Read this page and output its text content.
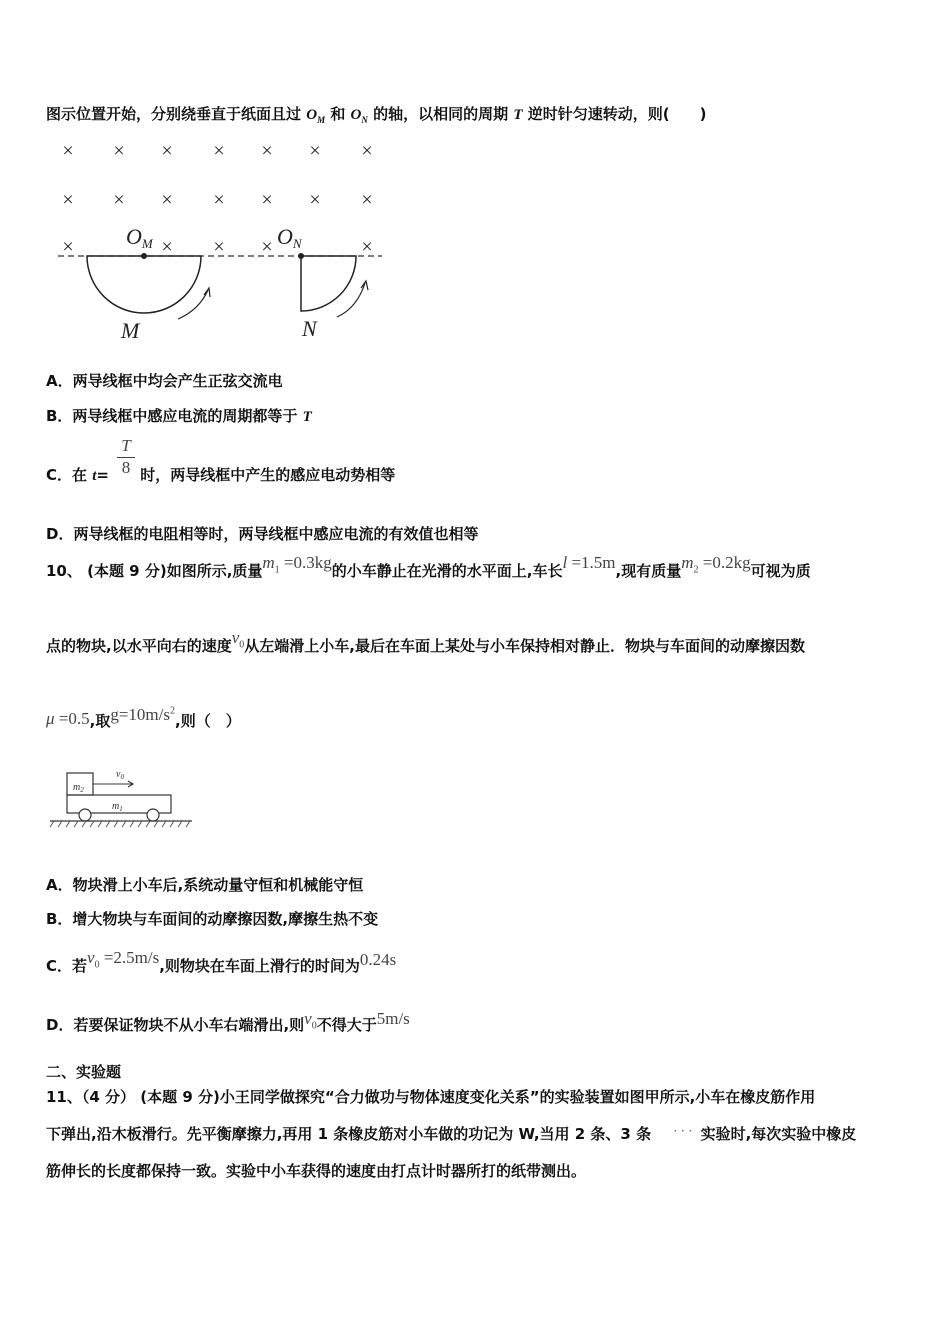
图示位置开始，分别绕垂直于纸面且过 $O_M$ 和 $O_N$ 的轴，以相同的周期 T 逆时针匀速转动，则(　　)
× × × × × × ×
× × × × × × ×
×	× × ×	×
OM	ON
M	N
A．两导线框中均会产生正弦交流电
B．两导线框中感应电流的周期都等于 T
C．在 t= 时，两导线框中产生的感应电动势相等
$\frac{T}{8}$
D．两导线框的电阻相等时，两导线框中感应电流的有效值也相等
10、 (本题 9 分)如图所示,质量$m_1 =0.3kg$的小车静止在光滑的水平面上,车长l =1.5m,现有质量$m_2 =0.2kg$可视为质
点的物块,以水平向右的速度$v_0$从左端滑上小车,最后在车面上某处与小车保持相对静止．物块与车面间的动摩擦因数
μ =0.5,取$g=10m/s^2$,则（　）
$m_2$
$v_0$
$m_1$
A．物块滑上小车后,系统动量守恒和机械能守恒
B．增大物块与车面间的动摩擦因数,摩擦生热不变
C．若$v_0 =2.5m/s$,则物块在车面上滑行的时间为0.24s
D．若要保证物块不从小车右端滑出,则$v_0$不得大于5m/s
二、实验题
11、（4 分） (本题 9 分)小王同学做探究“合力做功与物体速度变化关系”的实验装置如图甲所示,小车在橡皮筋作用
下弹出,沿木板滑行。先平衡摩擦力,再用 1 条橡皮筋对小车做的功记为 W,当用 2 条、3 条 · · · 实验时,每次实验中橡皮
筋伸长的长度都保持一致。实验中小车获得的速度由打点计时器所打的纸带测出。
